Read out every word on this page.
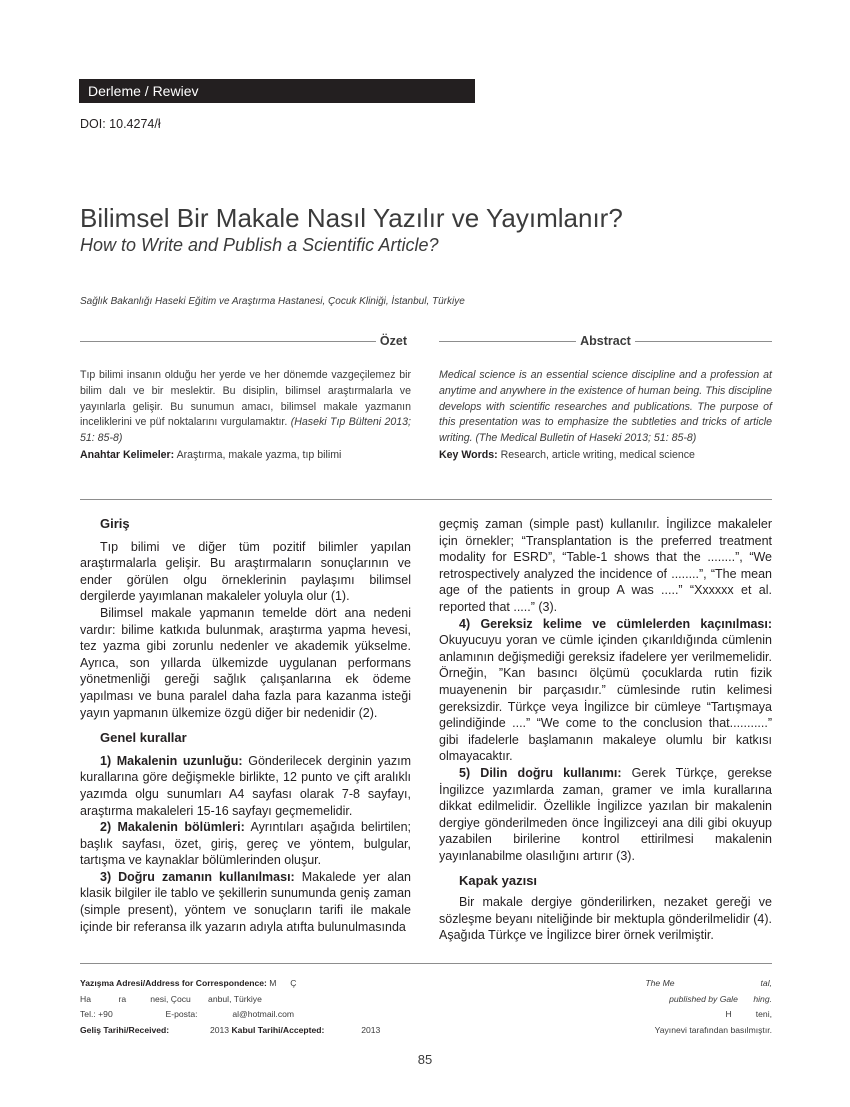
Derleme / Rewiev
DOI: 10.4274/ł
Bilimsel Bir Makale Nasıl Yazılır ve Yayımlanır?
How to Write and Publish a Scientific Article?
Sağlık Bakanlığı Haseki Eğitim ve Araştırma Hastanesi, Çocuk Kliniği, İstanbul, Türkiye
Özet	Abstract
Tıp bilimi insanın olduğu her yerde ve her dönemde vazgeçilemez bir bilim dalı ve bir meslektir. Bu disiplin, bilimsel araştırmalarla ve yayınlarla gelişir. Bu sunumun amacı, bilimsel makale yazmanın inceliklerini ve püf noktalarını vurgulamaktır. (Haseki Tıp Bülteni 2013; 51: 85-8)
Anahtar Kelimeler: Araştırma, makale yazma, tıp bilimi
Medical science is an essential science discipline and a profession at anytime and anywhere in the existence of human being. This discipline develops with scientific researches and publications. The purpose of this presentation was to emphasize the subtleties and tricks of article writing. (The Medical Bulletin of Haseki 2013; 51: 85-8)
Key Words: Research, article writing, medical science
Giriş

Tıp bilimi ve diğer tüm pozitif bilimler yapılan araştırmalarla gelişir. Bu araştırmaların sonuçlarının ve ender görülen olgu örneklerinin paylaşımı bilimsel dergilerde yayımlanan makaleler yoluyla olur (1).

Bilimsel makale yapmanın temelde dört ana nedeni vardır: bilime katkıda bulunmak, araştırma yapma hevesi, tez yazma gibi zorunlu nedenler ve akademik yükselme. Ayrıca, son yıllarda ülkemizde uygulanan performans yönetmenliği gereği sağlık çalışanlarına ek ödeme yapılması ve buna paralel daha fazla para kazanma isteği yayın yapmanın ülkemize özgü diğer bir nedenidir (2).

Genel kurallar

1) Makalenin uzunluğu: Gönderilecek derginin yazım kurallarına göre değişmekle birlikte, 12 punto ve çift aralıklı yazımda olgu sunumları A4 sayfası olarak 7-8 sayfayı, araştırma makaleleri 15-16 sayfayı geçmemelidir.

2) Makalenin bölümleri: Ayrıntıları aşağıda belirtilen; başlık sayfası, özet, giriş, gereç ve yöntem, bulgular, tartışma ve kaynaklar bölümlerinden oluşur.

3) Doğru zamanın kullanılması: Makalede yer alan klasik bilgiler ile tablo ve şekillerin sunumunda geniş zaman (simple present), yöntem ve sonuçların tarifi ile makale içinde bir referansa ilk yazarın adıyla atıfta bulunulmasında

geçmiş zaman (simple past) kullanılır. İngilizce makaleler için örnekler; “Transplantation is the preferred treatment modality for ESRD”, “Table-1 shows that the ........”, “We retrospectively analyzed the incidence of ........”, “The mean age of the patients in group A was .....” “Xxxxxx et al. reported that .....” (3).

4) Gereksiz kelime ve cümlelerden kaçınılması: Okuyucuyu yoran ve cümle içinden çıkarıldığında cümlenin anlamının değişmediği gereksiz ifadelere yer verilmemelidir. Örneğin, ”Kan basıncı ölçümü çocuklarda rutin fizik muayenenin bir parçasıdır.” cümlesinde rutin kelimesi gereksizdir. Türkçe veya İngilizce bir cümleye “Tartışmaya gelindiğinde ....” “We come to the conclusion that...........” gibi ifadelerle başlamanın makaleye olumlu bir katkısı olmayacaktır.

5) Dilin doğru kullanımı: Gerek Türkçe, gerekse İngilizce yazımlarda zaman, gramer ve imla kurallarına dikkat edilmelidir. Özellikle İngilizce yazılan bir makalenin dergiye gönderilmeden önce İngilizceyi ana dili gibi okuyup yazabilen birilerine kontrol ettirilmesi makalenin yayınlanabilme olasılığını artırır (3).

Kapak yazısı

Bir makale dergiye gönderilirken, nezaket gereği ve sözleşme beyanı niteliğinde bir mektupla gönderilmelidir (4). Aşağıda Türkçe ve İngilizce birer örnek verilmiştir.

Yazışma Adresi/Address for Correspondence: M        Ç
Ha                ra              nesi, Çocu          anbul, Türkiye
Tel.: +90	E-posta:	al@hotmail.com
Geliş Tarihi/Received:	2013 Kabul Tarihi/Accepted:	2013
The Me                                                  tal,
published by Gale         hing.
H              teni,
Yayınevi tarafından basılmıştır.
85
